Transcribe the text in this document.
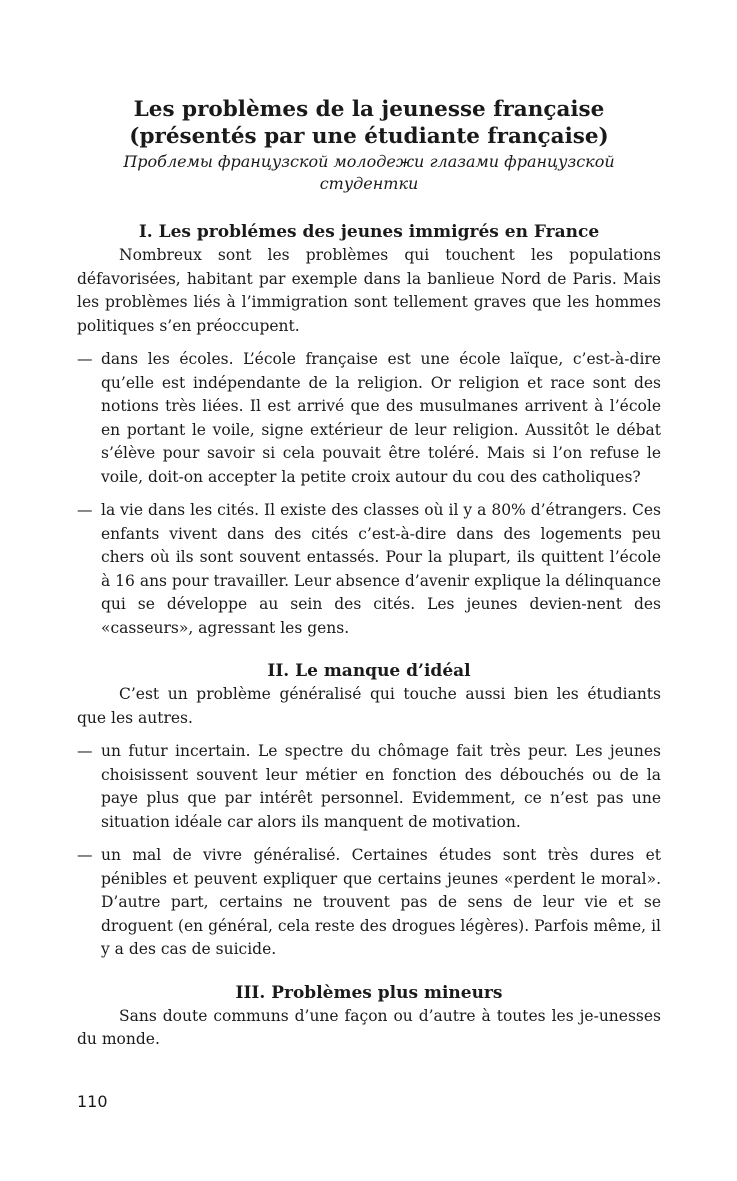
Les problèmes de la jeunesse française (présentés par une étudiante française)

Проблемы французской молодежи глазами французской студентки

I. Les problémes des jeunes immigrés en France

Nombreux sont les problèmes qui touchent les populations défavorisées, habitant par exemple dans la banlieue Nord de Paris. Mais les problèmes liés à l’immigration sont tellement graves que les hommes politiques s’en préoccupent.

— dans les écoles. L’école française est une école laïque, c’est-à-dire qu’elle est indépendante de la religion. Or religion et race sont des notions très liées. Il est arrivé que des musulmanes arrivent à l’école en portant le voile, signe extérieur de leur religion. Aussitôt le débat s’élève pour savoir si cela pouvait être toléré. Mais si l’on refuse le voile, doit-on accepter la petite croix autour du cou des catholiques?
— la vie dans les cités. Il existe des classes où il y a 80% d’étrangers. Ces enfants vivent dans des cités c’est-à-dire dans des logements peu chers où ils sont souvent entassés. Pour la plupart, ils quittent l’école à 16 ans pour travailler. Leur absence d’avenir explique la délinquance qui se développe au sein des cités. Les jeunes devien-nent des «casseurs», agressant les gens.
II. Le manque d’idéal

C’est un problème généralisé qui touche aussi bien les étudiants que les autres.

— un futur incertain. Le spectre du chômage fait très peur. Les jeunes choisissent souvent leur métier en fonction des débouchés ou de la paye plus que par intérêt personnel. Evidemment, ce n’est pas une situation idéale car alors ils manquent de motivation.
— un mal de vivre généralisé. Certaines études sont très dures et pénibles et peuvent expliquer que certains jeunes «perdent le moral». D’autre part, certains ne trouvent pas de sens de leur vie et se droguent (en général, cela reste des drogues légères). Parfois même, il y a des cas de suicide.
III. Problèmes plus mineurs

Sans doute communs d’une façon ou d’autre à toutes les je-unesses du monde.

110
